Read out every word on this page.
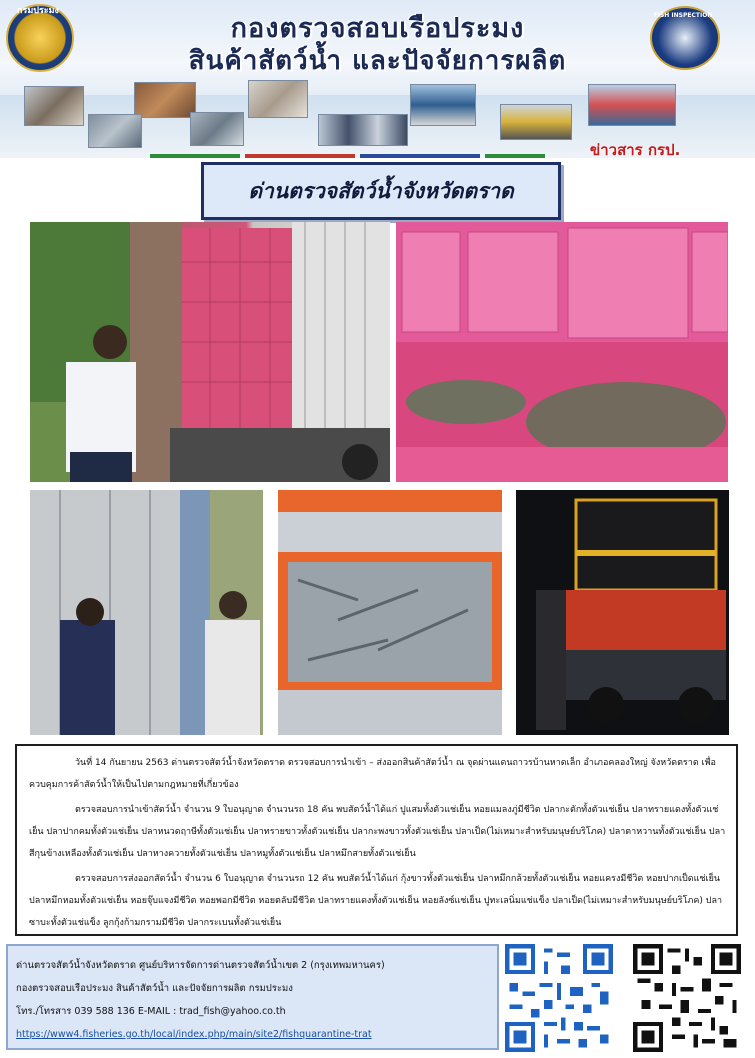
กรมประมง	FISH INSPECTION
กองตรวจสอบเรือประมง
สินค้าสัตว์น้ำ และปัจจัยการผลิต
ข่าวสาร กรป.
ด่านตรวจสัตว์น้ำจังหวัดตราด

วันที่ 14 กันยายน 2563 ด่านตรวจสัตว์น้ำจังหวัดตราด ตรวจสอบการนำเข้า – ส่งออกสินค้าสัตว์น้ำ ณ จุดผ่านแดนถาวรบ้านหาดเล็ก อำเภอคลองใหญ่ จังหวัดตราด เพื่อควบคุมการค้าสัตว์น้ำให้เป็นไปตามกฎหมายที่เกี่ยวข้อง

ตรวจสอบการนำเข้าสัตว์น้ำ จำนวน 9 ใบอนุญาต จำนวนรถ 18 คัน พบสัตว์น้ำได้แก่ ปูแสมทั้งตัวแช่เย็น หอยแมลงภู่มีชีวิต ปลากะตักทั้งตัวแช่เย็น ปลาทรายแดงทั้งตัวแช่เย็น ปลาปากคมทั้งตัวแช่เย็น ปลาหนวดฤาษีทั้งตัวแช่เย็น ปลาทรายขาวทั้งตัวแช่เย็น ปลากะพงขาวทั้งตัวแช่เย็น ปลาเป็ด(ไม่เหมาะสำหรับมนุษย์บริโภค) ปลาตาหวานทั้งตัวแช่เย็น ปลาสีกุนข้างเหลืองทั้งตัวแช่เย็น ปลาหางควายทั้งตัวแช่เย็น ปลาหมูทั้งตัวแช่เย็น ปลาหมึกสายทั้งตัวแช่เย็น

ตรวจสอบการส่งออกสัตว์น้ำ จำนวน 6 ใบอนุญาต จำนวนรถ 12 คัน พบสัตว์น้ำได้แก่ กุ้งขาวทั้งตัวแช่เย็น ปลาหมึกกล้วยทั้งตัวแช่เย็น หอยแครงมีชีวิต หอยปากเป็ดแช่เย็น ปลาหมึกหอมทั้งตัวแช่เย็น หอยจุ๊บแจงมีชีวิต หอยพอกมีชีวิต หอยตลับมีชีวิต ปลาทรายแดงทั้งตัวแช่เย็น หอยลังซ์แช่เย็น ปูทะเลนิ่มแช่แข็ง ปลาเป็ด(ไม่เหมาะสำหรับมนุษย์บริโภค) ปลาซาบะทั้งตัวแช่แข็ง ลูกกุ้งก้ามกรามมีชีวิต ปลากระเบนทั้งตัวแช่เย็น

ด่านตรวจสัตว์น้ำจังหวัดตราด ศูนย์บริหารจัดการด่านตรวจสัตว์น้ำเขต 2 (กรุงเทพมหานคร)
กองตรวจสอบเรือประมง สินค้าสัตว์น้ำ และปัจจัยการผลิต กรมประมง
โทร./โทรสาร 039 588 136 E-MAIL : trad_fish@yahoo.co.th
https://www4.fisheries.go.th/local/index.php/main/site2/fishquarantine-trat
